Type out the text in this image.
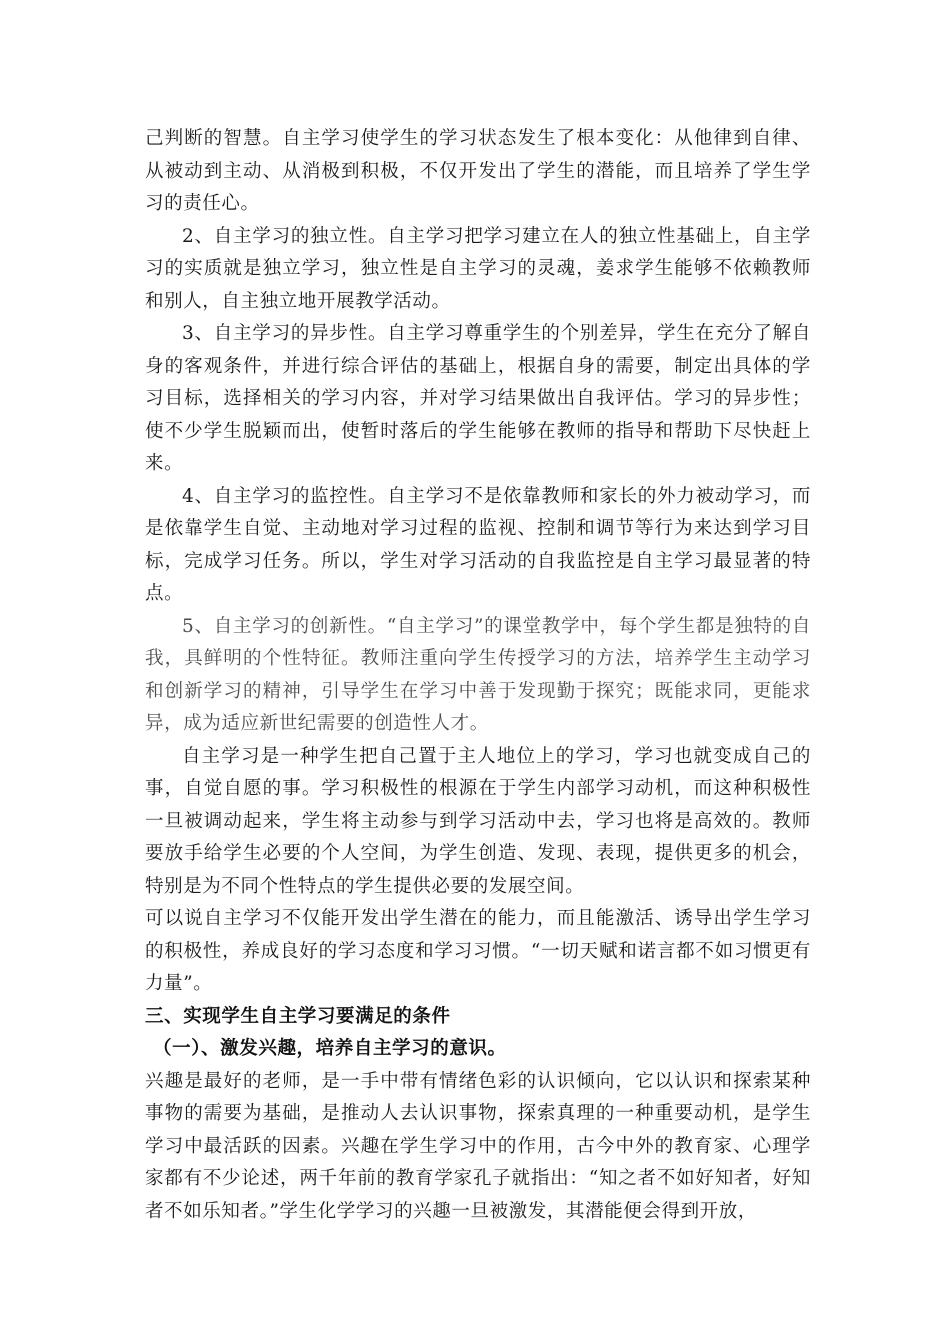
己判断的智慧。自主学习使学生的学习状态发生了根本变化：从他律到自律、从被动到主动、从消极到积极，不仅开发出了学生的潜能，而且培养了学生学习的责任心。

2、自主学习的独立性。自主学习把学习建立在人的独立性基础上，自主学习的实质就是独立学习，独立性是自主学习的灵魂，姜求学生能够不依赖教师和别人，自主独立地开展教学活动。

3、自主学习的异步性。自主学习尊重学生的个别差异，学生在充分了解自身的客观条件，并进行综合评估的基础上，根据自身的需要，制定出具体的学习目标，选择相关的学习内容，并对学习结果做出自我评估。学习的异步性；使不少学生脱颖而出，使暂时落后的学生能够在教师的指导和帮助下尽快赶上来。

4、自主学习的监控性。自主学习不是依靠教师和家长的外力被动学习，而是依靠学生自觉、主动地对学习过程的监视、控制和调节等行为来达到学习目标，完成学习任务。所以，学生对学习活动的自我监控是自主学习最显著的特点。

5、自主学习的创新性。“自主学习”的课堂教学中，每个学生都是独特的自我，具鲜明的个性特征。教师注重向学生传授学习的方法，培养学生主动学习和创新学习的精神，引导学生在学习中善于发现勤于探究；既能求同，更能求异，成为适应新世纪需要的创造性人才。

自主学习是一种学生把自己置于主人地位上的学习，学习也就变成自己的事，自觉自愿的事。学习积极性的根源在于学生内部学习动机，而这种积极性一旦被调动起来，学生将主动参与到学习活动中去，学习也将是高效的。教师要放手给学生必要的个人空间，为学生创造、发现、表现，提供更多的机会，特别是为不同个性特点的学生提供必要的发展空间。

可以说自主学习不仅能开发出学生潜在的能力，而且能激活、诱导出学生学习的积极性，养成良好的学习态度和学习习惯。“一切天赋和诺言都不如习惯更有力量”。

三、实现学生自主学习要满足的条件

（一）、激发兴趣，培养自主学习的意识。

兴趣是最好的老师，是一手中带有情绪色彩的认识倾向，它以认识和探索某种事物的需要为基础，是推动人去认识事物，探索真理的一种重要动机，是学生学习中最活跃的因素。兴趣在学生学习中的作用，古今中外的教育家、心理学家都有不少论述，两千年前的教育学家孔子就指出：“知之者不如好知者，好知者不如乐知者。”学生化学学习的兴趣一旦被激发，其潜能便会得到开放，
